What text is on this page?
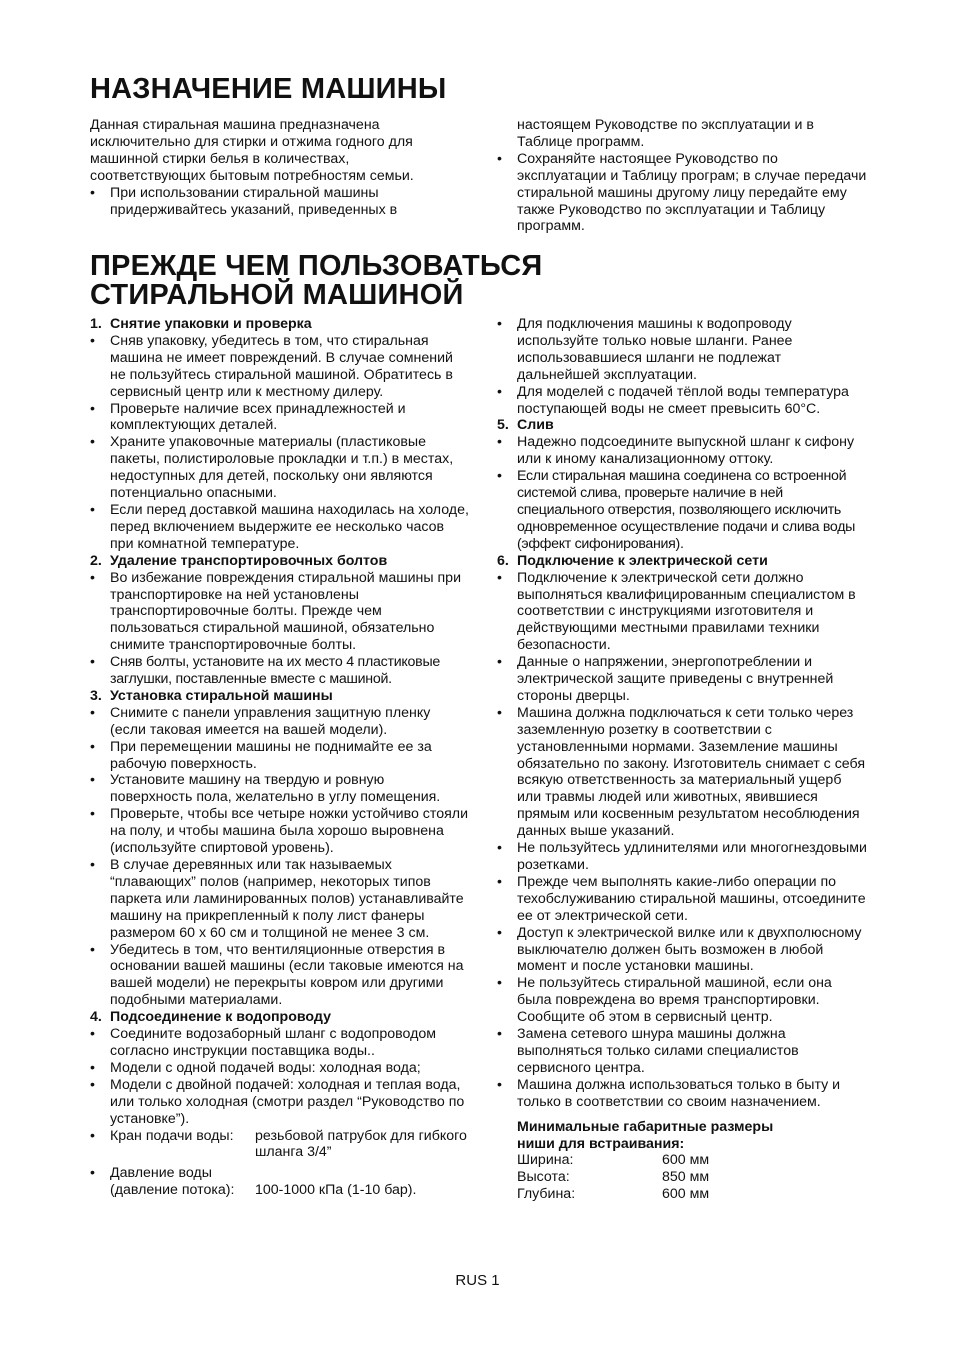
НАЗНАЧЕНИЕ МАШИНЫ

Данная стиральная машина предназначена исключительно для стирки и отжима годного для машинной стирки белья в количествах, соответствующих бытовым потребностям семьи.

• При использовании стиральной машины придерживайтесь указаний, приведенных в
настоящем Руководстве по эксплуатации и в Таблице программ.
• Сохраняйте настоящее Руководство по эксплуатации и Таблицу програм; в случае передачи стиральной машины другому лицу передайте ему также Руководство по эксплуатации и Таблицу программ.
ПРЕЖДЕ ЧЕМ ПОЛЬЗОВАТЬСЯ
СТИРАЛЬНОЙ МАШИНОЙ
1. Снятие упаковки и проверка
• Сняв упаковку, убедитесь в том, что стиральная машина не имеет повреждений. В случае сомнений не пользуйтесь стиральной машиной. Обратитесь в сервисный центр или к местному дилеру.
• Проверьте наличие всех принадлежностей и комплектующих деталей.
• Храните упаковочные материалы (пластиковые пакеты, полистироловые прокладки и т.п.) в местах, недоступных для детей, поскольку они являются потенциально опасными.
• Если перед доставкой машина находилась на холоде, перед включением выдержите ее несколько часов при комнатной температуре.
2. Удаление транспортировочных болтов
• Во избежание повреждения стиральной машины при транспортировке на ней установлены транспортировочные болты. Прежде чем пользоваться стиральной машиной, обязательно снимите транспортировочные болты.
• Сняв болты, установите на их место 4 пластиковые заглушки, поставленные вместе с машиной.
3. Установка стиральной машины
• Снимите с панели управления защитную пленку (если таковая имеется на вашей модели).
• При перемещении машины не поднимайте ее за рабочую поверхность.
• Установите машину на твердую и ровную поверхность пола, желательно в углу помещения.
• Проверьте, чтобы все четыре ножки устойчиво стояли на полу, и чтобы машина была хорошо выровнена (используйте спиртовой уровень).
• В случае деревянных или так называемых “плавающих” полов (например, некоторых типов паркета или ламинированных полов) устанавливайте машину на прикрепленный к полу лист фанеры размером 60 x 60 см и толщиной не менее 3 см.
• Убедитесь в том, что вентиляционные отверстия в основании вашей машины (если таковые имеются на вашей модели) не перекрыты ковром или другими подобными материалами.
4. Подсоединение к водопроводу
• Соедините водозаборный шланг с водопроводом согласно инструкции поставщика воды..
• Модели с одной подачей воды: холодная вода;
• Модели с двойной подачей: холодная и теплая вода, или только холодная (смотри раздел “Руководство по установке”).
• Кран подачи воды:	резьбовой патрубок для гибкого шланга 3/4”
• Давление воды
(давление потока):	100-1000 кПа (1-10 бар).
• Для подключения машины к водопроводу используйте только новые шланги. Ранее использовавшиеся шланги не подлежат дальнейшей эксплуатации.
• Для моделей с подачей тёплой воды температура поступающей воды не смеет превысить 60°C.
5. Слив
• Надежно подсоедините выпускной шланг к сифону или к иному канализационному оттоку.
• Если стиральная машина соединена со встроенной системой слива, проверьте наличие в ней специального отверстия, позволяющего исключить одновременное осуществление подачи и слива воды (эффект сифонирования).
6. Подключение к электрической сети
• Подключение к электрической сети должно выполняться квалифицированным специалистом в соответствии с инструкциями изготовителя и действующими местными правилами техники безопасности.
• Данные о напряжении, энергопотреблении и электрической защите приведены с внутренней стороны дверцы.
• Машина должна подключаться к сети только через заземленную розетку в соответствии с установленными нормами. Заземление машины обязательно по закону. Изготовитель снимает с себя всякую ответственность за материальный ущерб или травмы людей или животных, явившиеся прямым или косвенным результатом несоблюдения данных выше указаний.
• Не пользуйтесь удлинителями или многогнездовыми розетками.
• Прежде чем выполнять какие-либо операции по техобслуживанию стиральной машины, отсоедините ее от электрической сети.
• Доступ к электрической вилке или к двухполюсному выключателю должен быть возможен в любой момент и после установки машины.
• Не пользуйтесь стиральной машиной, если она была повреждена во время транспортировки. Сообщите об этом в сервисный центр.
• Замена сетевого шнура машины должна выполняться только силами специалистов сервисного центра.
• Машина должна использоваться только в быту и только в соответствии со своим назначением.
Минимальные габаритные размеры
ниши для встраивания:
Ширина:	600 мм
Высота:	850 мм
Глубина:	600 мм
RUS 1
